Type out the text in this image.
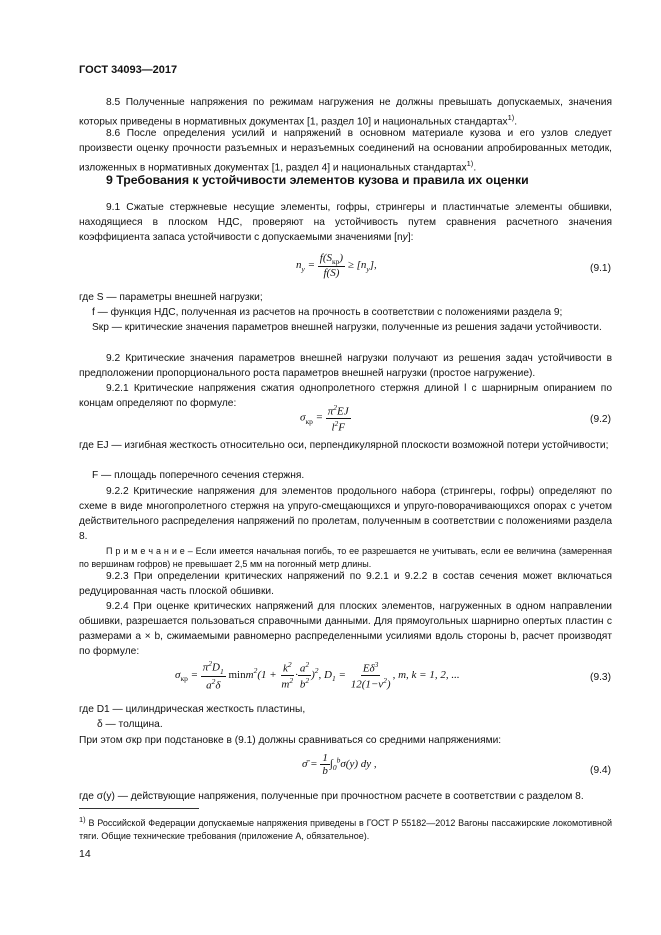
ГОСТ 34093—2017
8.5 Полученные напряжения по режимам нагружения не должны превышать допускаемых, значения которых приведены в нормативных документах [1, раздел 10] и национальных стандартах$^{1)}$.
8.6 После определения усилий и напряжений в основном материале кузова и его узлов следует произвести оценку прочности разъемных и неразъемных соединений на основании апробированных методик, изложенных в нормативных документах [1, раздел 4] и национальных стандартах$^{1)}$.
9 Требования к устойчивости элементов кузова и правила их оценки
9.1 Сжатые стержневые несущие элементы, гофры, стрингеры и пластинчатые элементы обшивки, находящиеся в плоском НДС, проверяют на устойчивость путем сравнения расчетного значения коэффициента запаса устойчивости с допускаемыми значениями [ny]:
$n_y = \frac{f(S_{кр})}{f(S)} \ge [n_y]$,	(9.1)
где S — параметры внешней нагрузки;
f — функция НДС, полученная из расчетов на прочность в соответствии с положениями раздела 9;
Sкр — критические значения параметров внешней нагрузки, полученные из решения задачи устойчивости.
9.2 Критические значения параметров внешней нагрузки получают из решения задач устойчивости в предположении пропорционального роста параметров внешней нагрузки (простое нагружение).
9.2.1 Критические напряжения сжатия однопролетного стержня длиной l с шарнирным опиранием по концам определяют по формуле:
$\sigma_{кр} = \frac{\pi^2EJ}{l^2F}$	(9.2)
где EJ — изгибная жесткость относительно оси, перпендикулярной плоскости возможной потери устойчивости;
F — площадь поперечного сечения стержня.
9.2.2 Критические напряжения для элементов продольного набора (стрингеры, гофры) определяют по схеме в виде многопролетного стержня на упруго-смещающихся и упруго-поворачивающихся опорах с учетом действительного распределения напряжений по пролетам, полученным в соответствии с положениями раздела 8.
П р и м е ч а н и е – Если имеется начальная погибь, то ее разрешается не учитывать, если ее величина (замеренная по вершинам гофров) не превышает 2,5 мм на погонный метр длины.
9.2.3 При определении критических напряжений по 9.2.1 и 9.2.2 в состав сечения может включаться редуцированная часть плоской обшивки.
9.2.4 При оценке критических напряжений для плоских элементов, нагруженных в одном направлении обшивки, разрешается пользоваться справочными данными. Для прямоугольных шарнирно опертых пластин с размерами a × b, сжимаемыми равномерно распределенными усилиями вдоль стороны b, расчет производят по формуле:
$\sigma_{кр} = \frac{\pi^2D_1}{a^2\delta} \min m^2(1 + \frac{k^2}{m^2} \cdot \frac{a^2}{b^2} )^2$, $D_1 = \frac{E\delta^3}{12(1-\nu^2)}$ , m, k = 1, 2, ...	(9.3)
где D1 — цилиндрическая жесткость пластины,
δ — толщина.
При этом σкр при подстановке в (9.1) должны сравниваться со средними напряжениями:
σ̄ = $\frac{1}{b} \int_0^b\sigma(y)$ dy ,
(9.4)
где σ(y) — действующие напряжения, полученные при прочностном расчете в соответствии с разделом 8.
$^{1)}$ В Российской Федерации допускаемые напряжения приведены в ГОСТ Р 55182—2012 Вагоны пассажирские локомотивной тяги. Общие технические требования (приложение А, обязательное).
14
